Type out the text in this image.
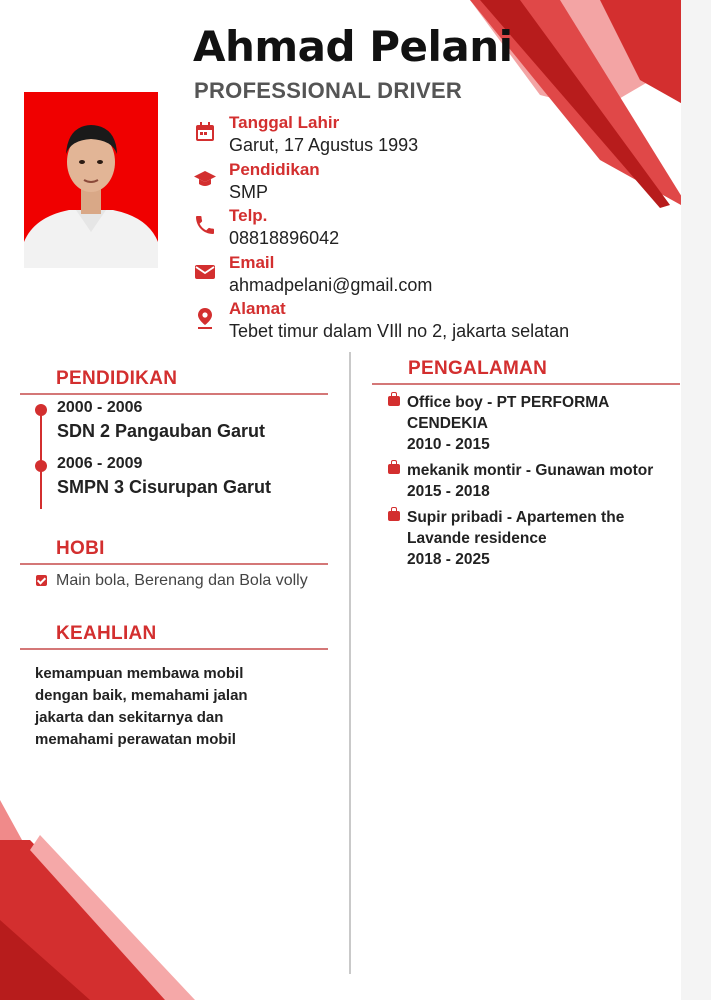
Ahmad Pelani
PROFESSIONAL DRIVER
Tanggal Lahir
Garut, 17 Agustus 1993
Pendidikan
SMP
Telp.
08818896042
Email
ahmadpelani@gmail.com
Alamat
Tebet timur dalam VIll no 2, jakarta selatan
PENDIDIKAN
2000 - 2006
SDN 2 Pangauban Garut
2006 - 2009
SMPN 3 Cisurupan Garut
HOBI
Main bola, Berenang dan Bola volly
KEAHLIAN
kemampuan membawa mobil
dengan baik, memahami jalan
jakarta dan sekitarnya dan
memahami perawatan mobil
PENGALAMAN
Office boy - PT PERFORMA
CENDEKIA
2010 - 2015
mekanik montir - Gunawan motor
2015 - 2018
Supir pribadi - Apartemen the
Lavande residence
2018 - 2025
